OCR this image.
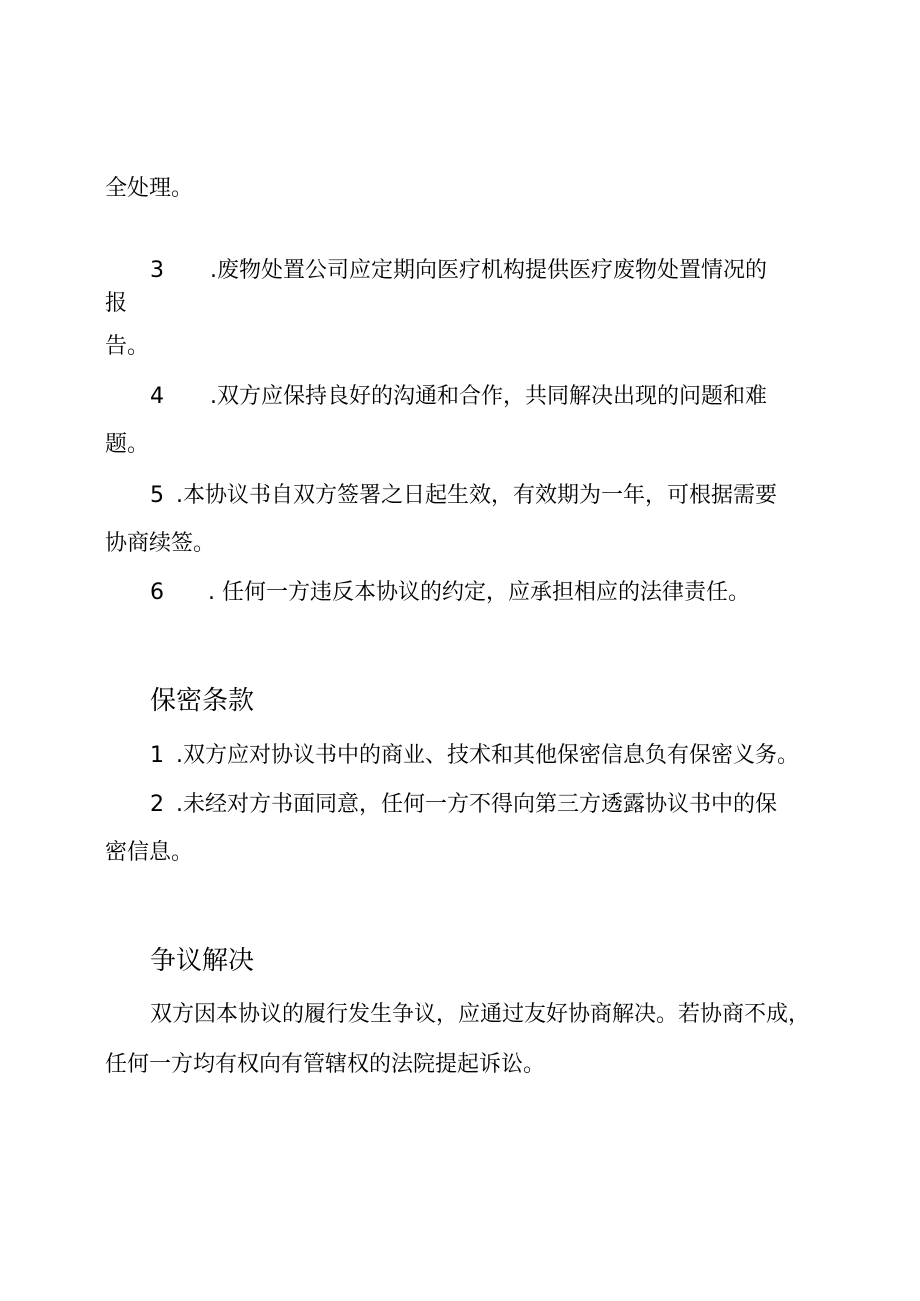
全处理。
3 .废物处置公司应定期向医疗机构提供医疗废物处置情况的
报
告。
4 .双方应保持良好的沟通和合作，共同解决出现的问题和难
题。
5 .本协议书自双方签署之日起生效，有效期为一年，可根据需要
协商续签。
6 . 任何一方违反本协议的约定，应承担相应的法律责任。
保密条款
1 .双方应对协议书中的商业、技术和其他保密信息负有保密义务。
2 .未经对方书面同意，任何一方不得向第三方透露协议书中的保
密信息。
争议解决
双方因本协议的履行发生争议，应通过友好协商解决。若协商不成，
任何一方均有权向有管辖权的法院提起诉讼。
